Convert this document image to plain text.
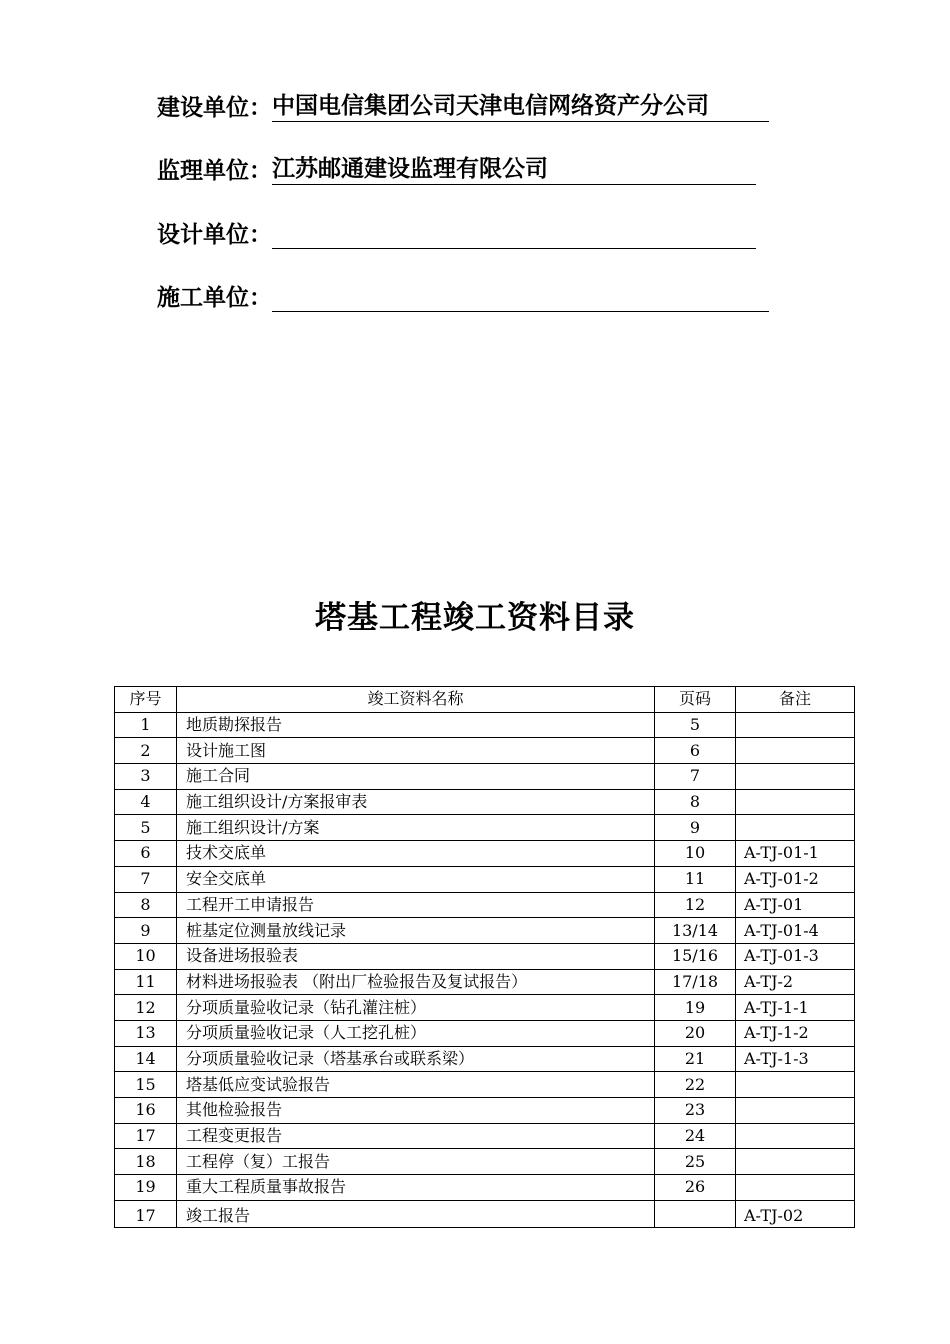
建设单位： 中国电信集团公司天津电信网络资产分公司
监理单位： 江苏邮通建设监理有限公司
设计单位：
施工单位：
塔基工程竣工资料目录
序号	竣工资料名称	页码	备注
1	地质勘探报告	5	
2	设计施工图	6	
3	施工合同	7	
4	施工组织设计/方案报审表	8	
5	施工组织设计/方案	9	
6	技术交底单	10	A-TJ-01-1
7	安全交底单	11	A-TJ-01-2
8	工程开工申请报告	12	A-TJ-01
9	桩基定位测量放线记录	13/14	A-TJ-01-4
10	设备进场报验表	15/16	A-TJ-01-3
11	材料进场报验表 （附出厂检验报告及复试报告）	17/18	A-TJ-2
12	分项质量验收记录（钻孔灌注桩）	19	A-TJ-1-1
13	分项质量验收记录（人工挖孔桩）	20	A-TJ-1-2
14	分项质量验收记录（塔基承台或联系梁）	21	A-TJ-1-3
15	塔基低应变试验报告	22	
16	其他检验报告	23	
17	工程变更报告	24	
18	工程停（复）工报告	25	
19	重大工程质量事故报告	26	
17	竣工报告		A-TJ-02
